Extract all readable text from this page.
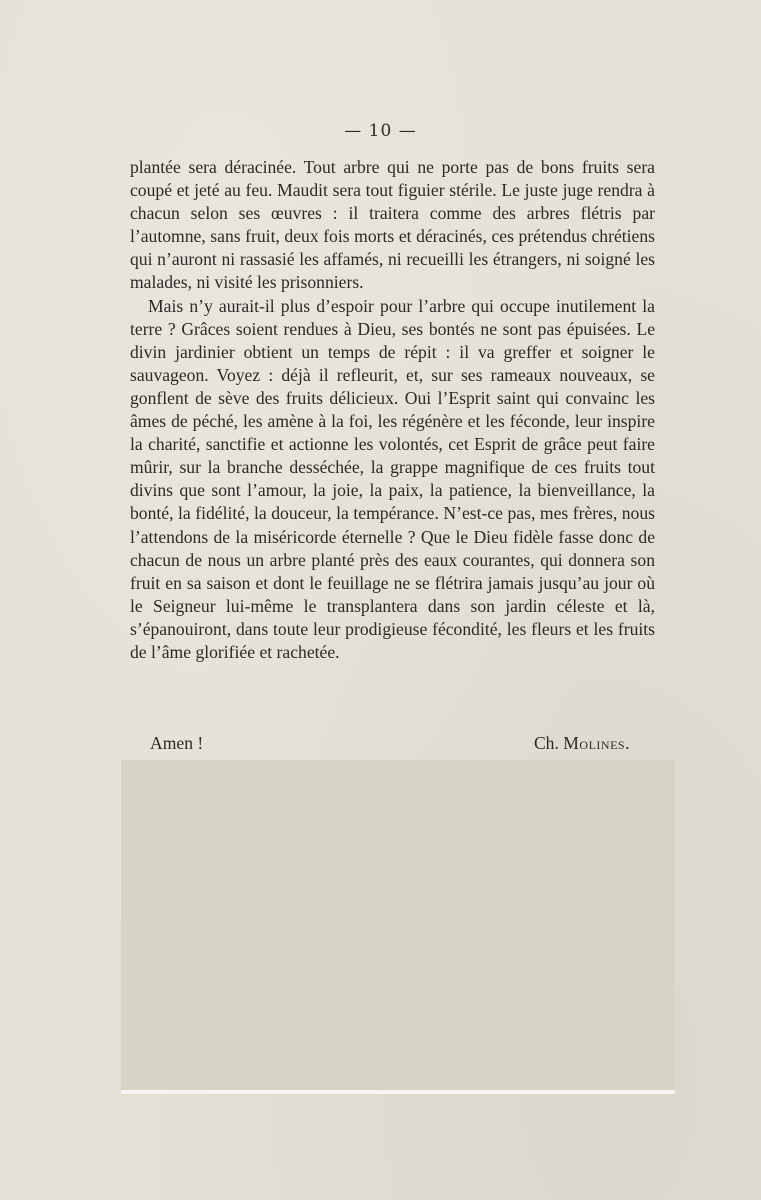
— 10 —

plantée sera déracinée. Tout arbre qui ne porte pas de bons fruits sera coupé et jeté au feu. Maudit sera tout figuier stérile. Le juste juge rendra à chacun selon ses œuvres : il traitera comme des arbres flétris par l’automne, sans fruit, deux fois morts et déracinés, ces prétendus chrétiens qui n’auront ni rassasié les affamés, ni recueilli les étrangers, ni soigné les malades, ni visité les prisonniers.

Mais n’y aurait-il plus d’espoir pour l’arbre qui occupe inutilement la terre ? Grâces soient rendues à Dieu, ses bontés ne sont pas épuisées. Le divin jardinier obtient un temps de répit : il va greffer et soigner le sauvageon. Voyez : déjà il refleurit, et, sur ses rameaux nouveaux, se gonflent de sève des fruits délicieux. Oui l’Esprit saint qui convainc les âmes de péché, les amène à la foi, les régénère et les féconde, leur inspire la charité, sanctifie et actionne les volontés, cet Esprit de grâce peut faire mûrir, sur la branche desséchée, la grappe magnifique de ces fruits tout divins que sont l’amour, la joie, la paix, la patience, la bienveillance, la bonté, la fidélité, la douceur, la tempérance. N’est-ce pas, mes frères, nous l’attendons de la miséricorde éternelle ? Que le Dieu fidèle fasse donc de chacun de nous un arbre planté près des eaux courantes, qui donnera son fruit en sa saison et dont le feuillage ne se flétrira jamais jusqu’au jour où le Seigneur lui-même le transplantera dans son jardin céleste et là, s’épanouiront, dans toute leur prodigieuse fécondité, les fleurs et les fruits de l’âme glorifiée et rachetée.

Amen !	Ch. Molines.
